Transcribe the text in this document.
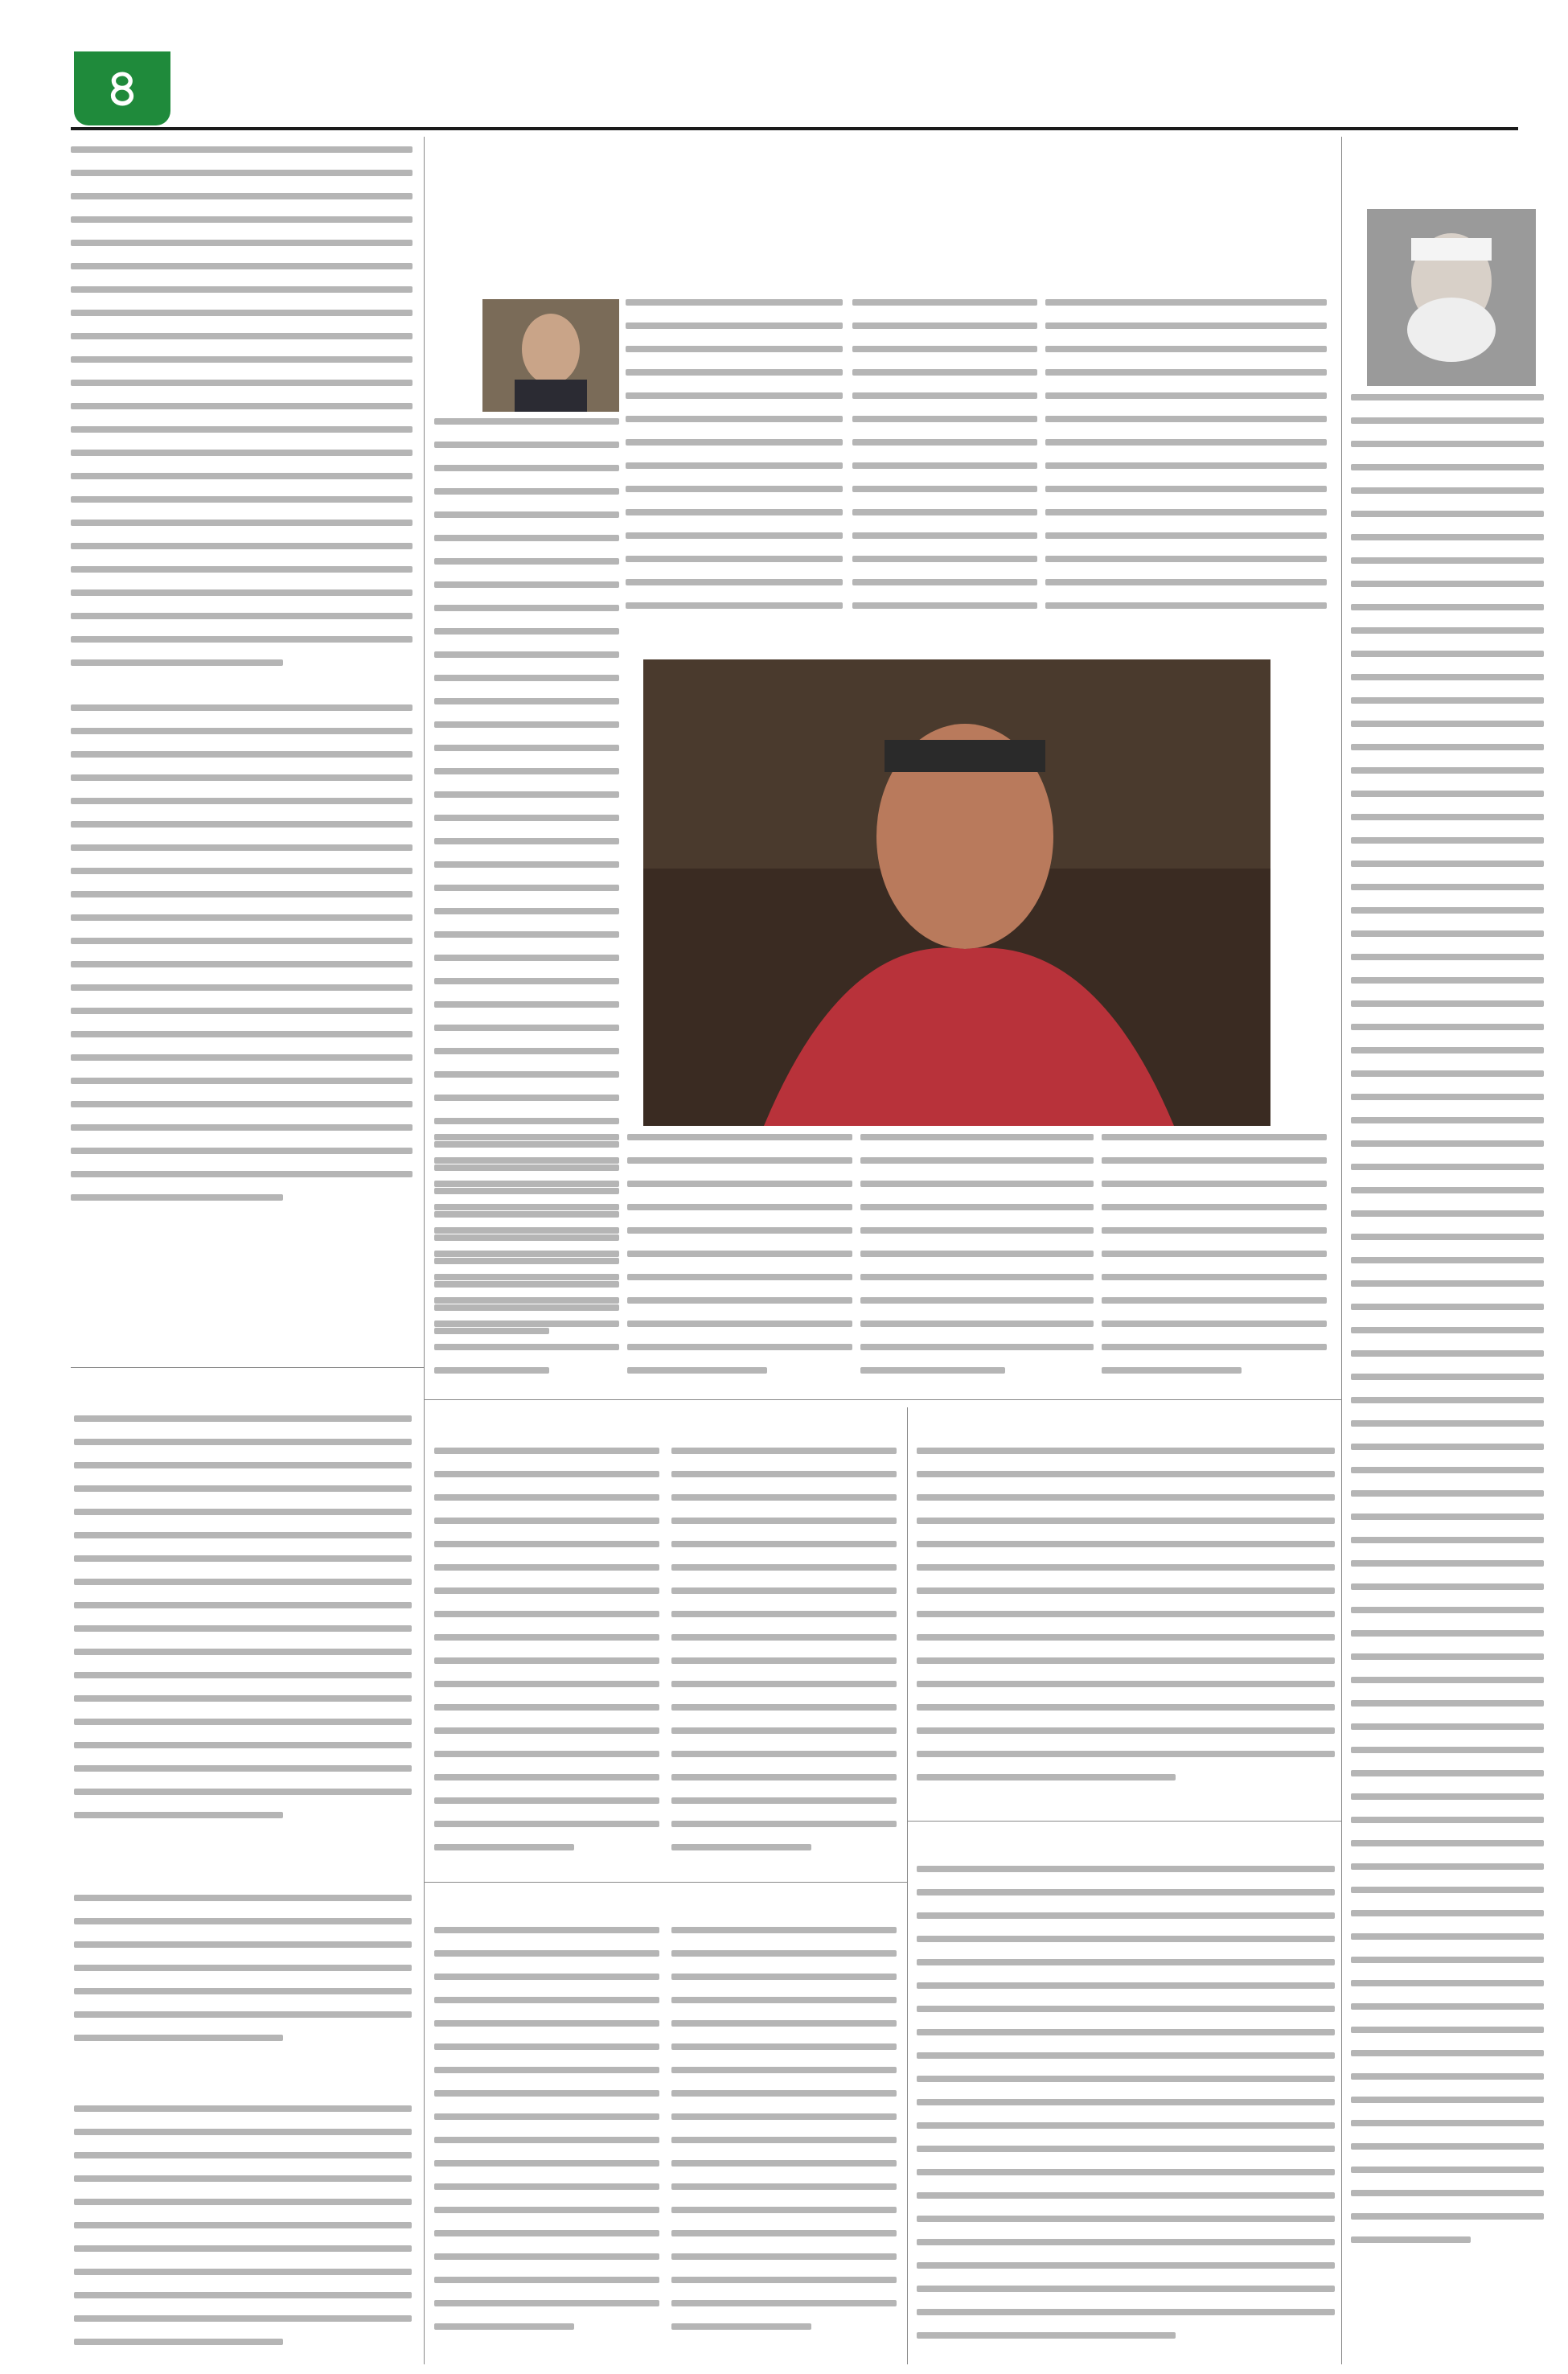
৪
